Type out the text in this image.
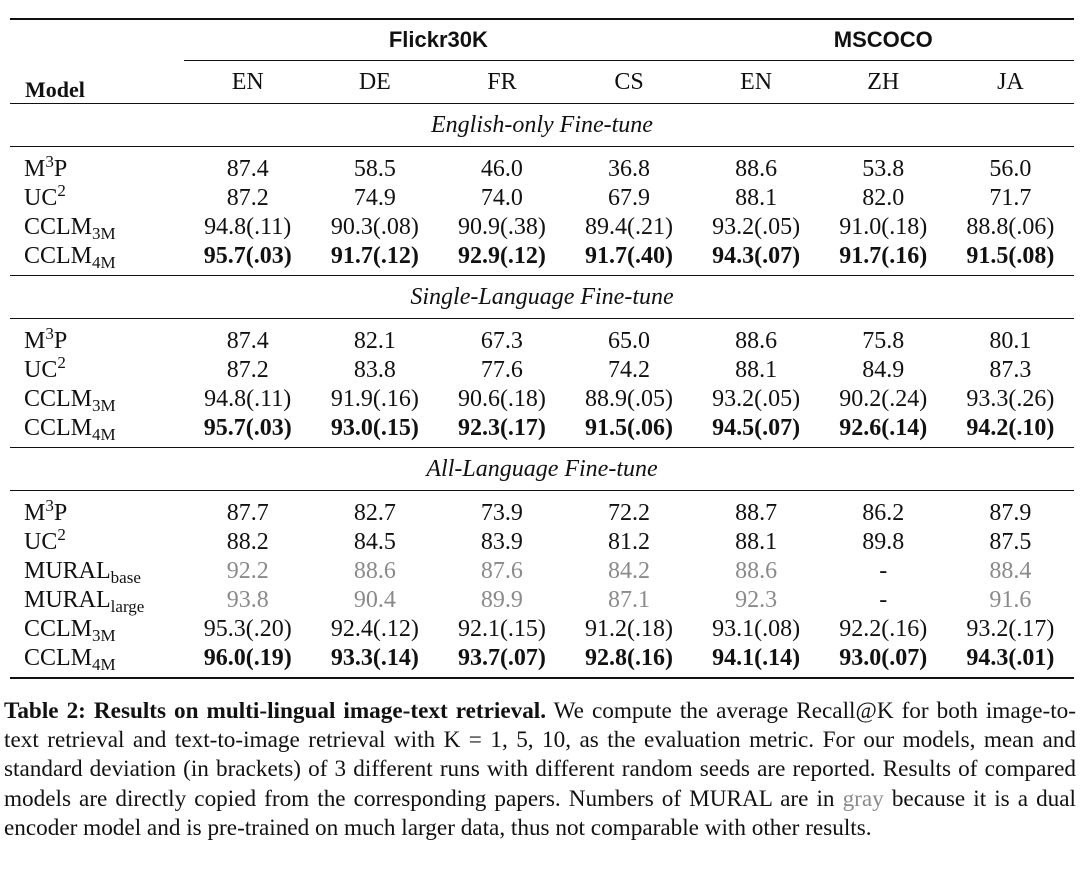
Model	Flickr30K				MSCOCO		
	EN	DE	FR	CS	EN	ZH	JA

English-only Fine-tune							

$M^3P$	87.4	58.5	46.0	36.8	88.6	53.8	56.0
$UC^2$	87.2	74.9	74.0	67.9	88.1	82.0	71.7
$CCLM_{3M}$	94.8(.11)	90.3(.08)	90.9(.38)	89.4(.21)	93.2(.05)	91.0(.18)	88.8(.06)
$CCLM_{4M}$	95.7(.03)	91.7(.12)	92.9(.12)	91.7(.40)	94.3(.07)	91.7(.16)	91.5(.08)

Single-Language Fine-tune							

$M^3P$	87.4	82.1	67.3	65.0	88.6	75.8	80.1
$UC^2$	87.2	83.8	77.6	74.2	88.1	84.9	87.3
$CCLM_{3M}$	94.8(.11)	91.9(.16)	90.6(.18)	88.9(.05)	93.2(.05)	90.2(.24)	93.3(.26)
$CCLM_{4M}$	95.7(.03)	93.0(.15)	92.3(.17)	91.5(.06)	94.5(.07)	92.6(.14)	94.2(.10)

All-Language Fine-tune							

$M^3P$	87.7	82.7	73.9	72.2	88.7	86.2	87.9
$UC^2$	88.2	84.5	83.9	81.2	88.1	89.8	87.5
$MURAL_{base}$	92.2	88.6	87.6	84.2	88.6	-	88.4
$MURAL_{large}$	93.8	90.4	89.9	87.1	92.3	-	91.6
$CCLM_{3M}$	95.3(.20)	92.4(.12)	92.1(.15)	91.2(.18)	93.1(.08)	92.2(.16)	93.2(.17)
$CCLM_{4M}$	96.0(.19)	93.3(.14)	93.7(.07)	92.8(.16)	94.1(.14)	93.0(.07)	94.3(.01)

Table 2: Results on multi-lingual image-text retrieval. We compute the average Recall@K for both image-to-text retrieval and text-to-image retrieval with K = 1, 5, 10, as the evaluation metric. For our models, mean and standard deviation (in brackets) of 3 different runs with different random seeds are reported. Results of compared models are directly copied from the corresponding papers. Numbers of MURAL are in gray because it is a dual encoder model and is pre-trained on much larger data, thus not comparable with other results.
